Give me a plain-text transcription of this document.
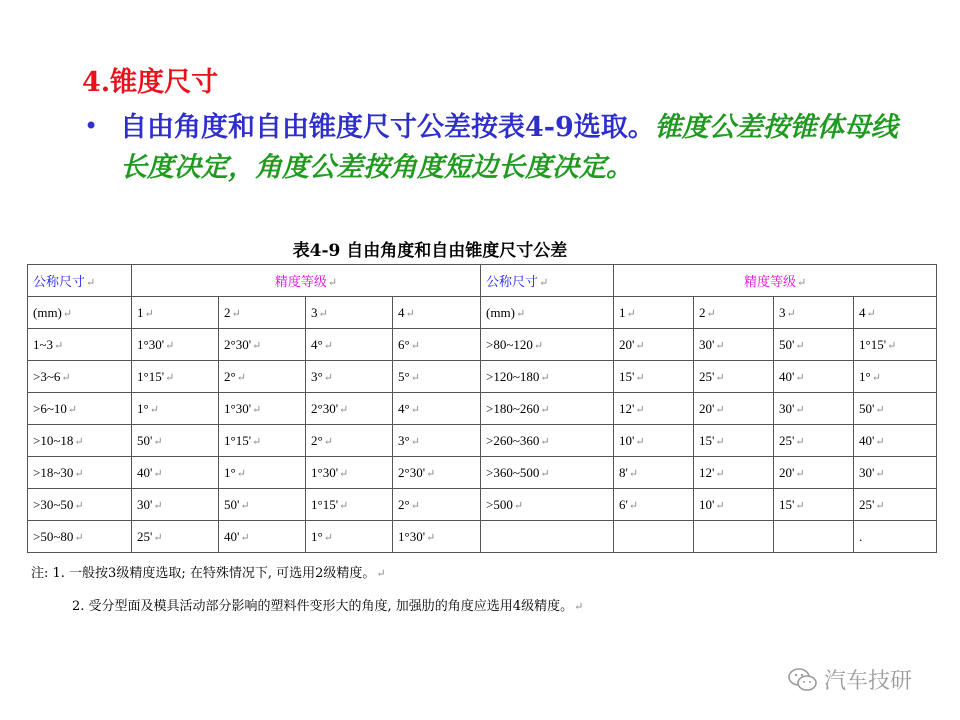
4.锥度尺寸
• 自由角度和自由锥度尺寸公差按表4-9选取。锥度公差按锥体母线长度决定，角度公差按角度短边长度决定。
表4-9 自由角度和自由锥度尺寸公差
公称尺寸↵	精度等级↵				公称尺寸↵	精度等级↵			
(mm)↵	1↵	2↵	3↵	4↵	(mm)↵	1↵	2↵	3↵	4↵
1~3↵	1°30'↵	2°30'↵	4°↵	6°↵	>80~120↵	20'↵	30'↵	50'↵	1°15'↵
>3~6↵	1°15'↵	2°↵	3°↵	5°↵	>120~180↵	15'↵	25'↵	40'↵	1°↵
>6~10↵	1°↵	1°30'↵	2°30'↵	4°↵	>180~260↵	12'↵	20'↵	30'↵	50'↵
>10~18↵	50'↵	1°15'↵	2°↵	3°↵	>260~360↵	10'↵	15'↵	25'↵	40'↵
>18~30↵	40'↵	1°↵	1°30'↵	2°30'↵	>360~500↵	8'↵	12'↵	20'↵	30'↵
>30~50↵	30'↵	50'↵	1°15'↵	2°↵	>500↵	6'↵	10'↵	15'↵	25'↵
>50~80↵	25'↵	40'↵	1°↵	1°30'↵					.
注: 1. 一般按3级精度选取; 在特殊情况下, 可选用2级精度。↵
2. 受分型面及模具活动部分影响的塑料件变形大的角度, 加强肋的角度应选用4级精度。↵
汽车技研
